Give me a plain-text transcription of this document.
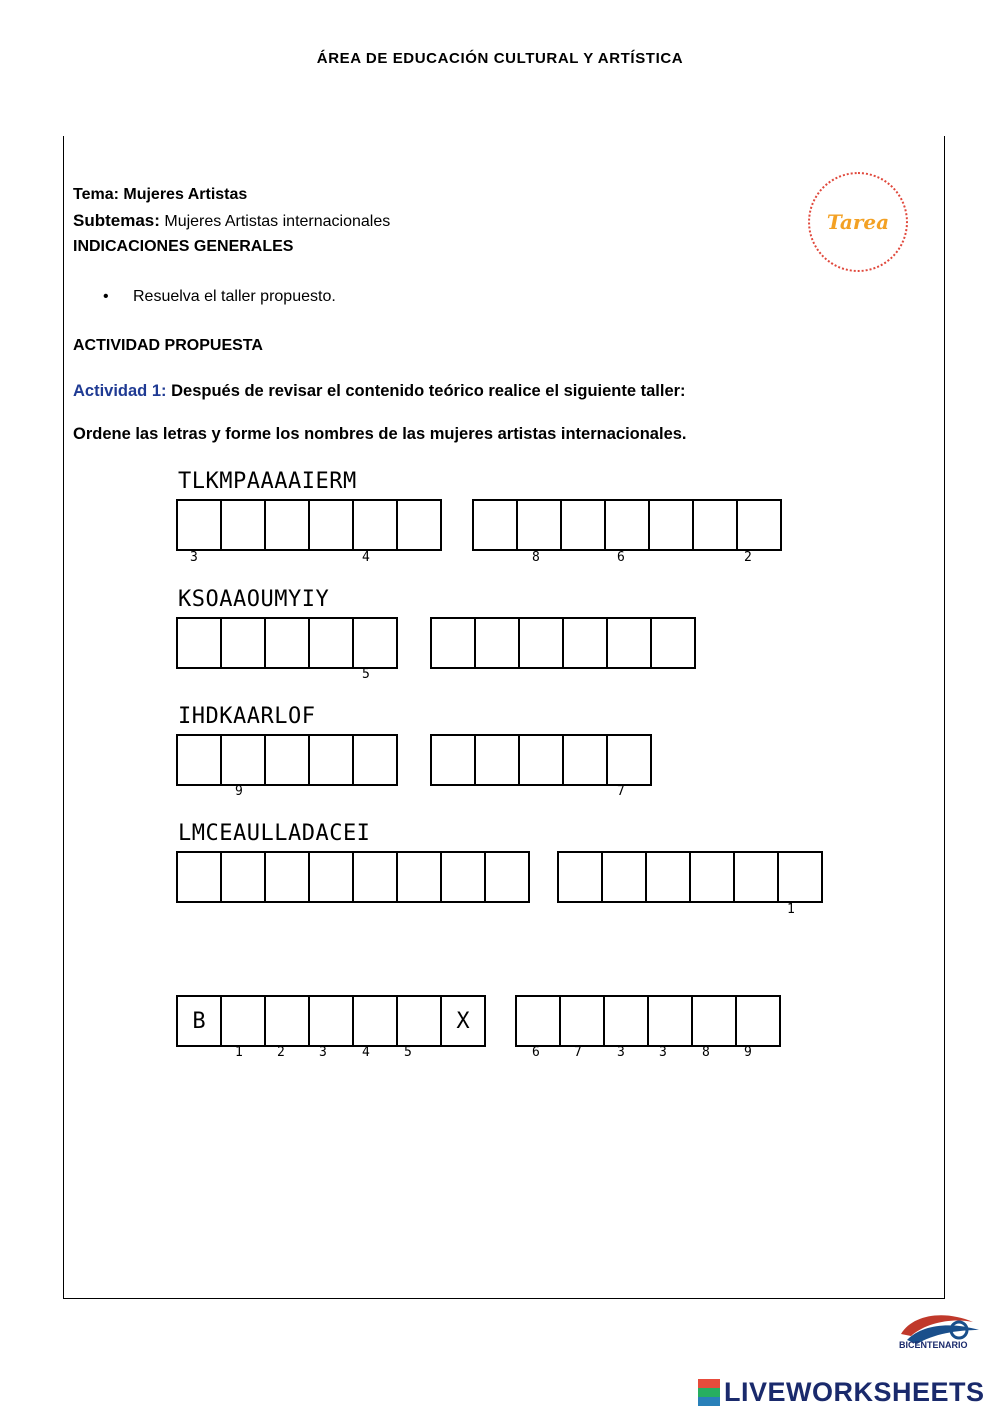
ÁREA DE EDUCACIÓN CULTURAL Y ARTÍSTICA
Tema: Mujeres Artistas
Subtemas: Mujeres Artistas internacionales
INDICACIONES GENERALES
• Resuelva el taller propuesto.
ACTIVIDAD PROPUESTA
Actividad 1: Después de revisar el contenido teórico realice el siguiente taller:
Ordene las letras y forme los nombres de las mujeres artistas internacionales.
Tarea
TLKMPAAAAIERM
3	4	8	6	2
KSOAAOUMYIY
5
IHDKAARLOF
9	7
LMCEAULLADACEI
1
B	X
1	2	3	4	5	6	7	3	3	8	9
BICENTENARIO
LIVEWORKSHEETS
